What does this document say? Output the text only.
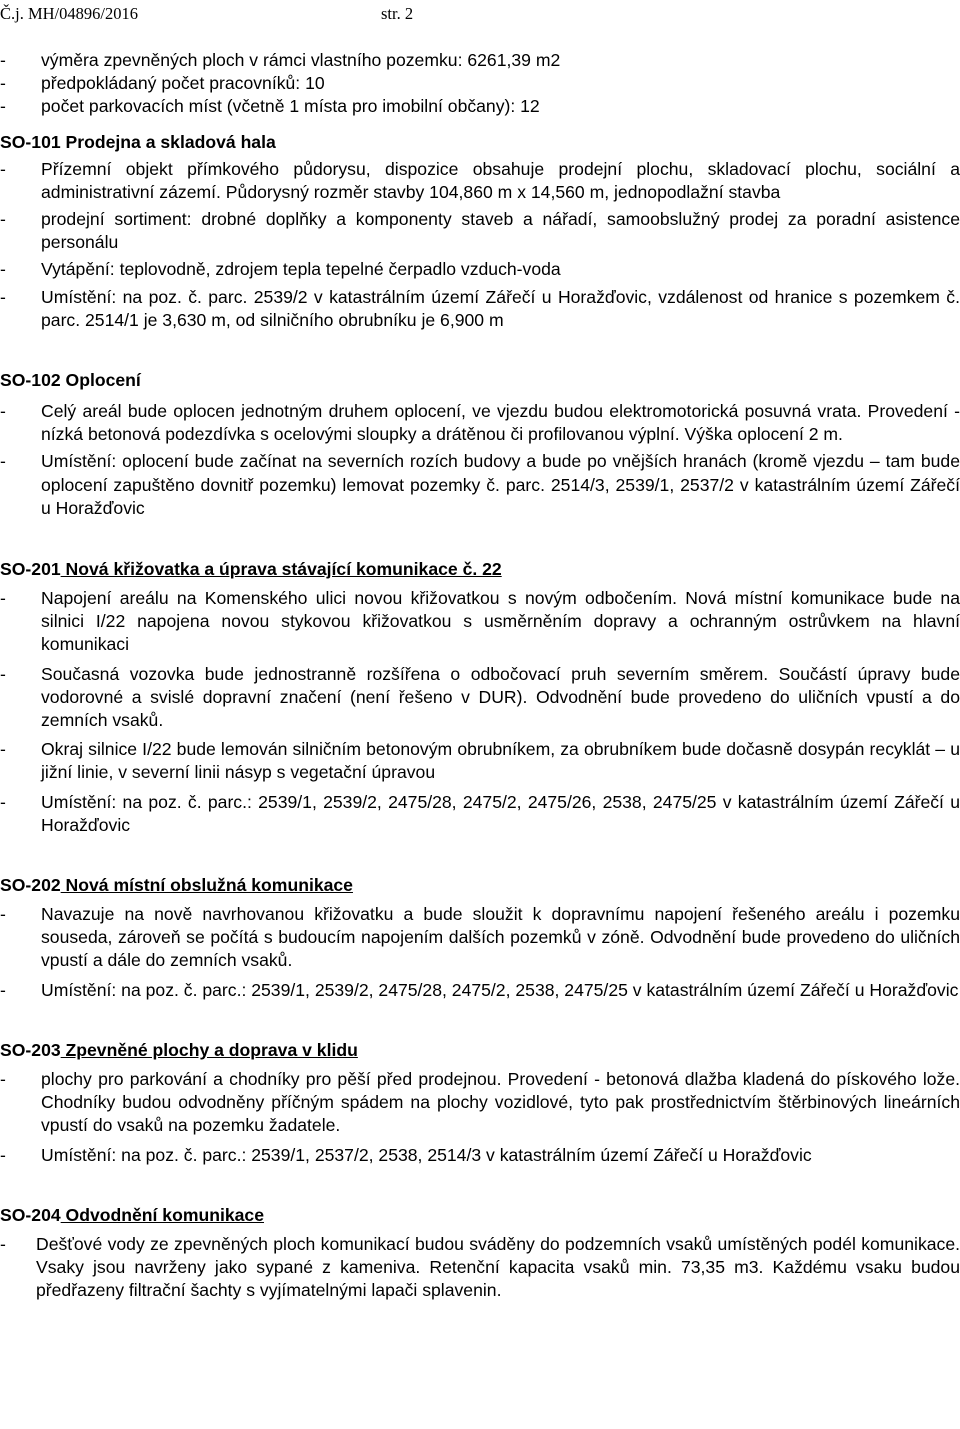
Č.j. MH/04896/2016	str. 2

- výměra zpevněných ploch v rámci vlastního pozemku: 6261,39 m2

- předpokládaný počet pracovníků: 10

- počet parkovacích míst (včetně 1 místa pro imobilní občany): 12

SO-101 Prodejna a skladová hala

- Přízemní objekt přímkového půdorysu, dispozice obsahuje prodejní plochu, skladovací plochu, sociální a administrativní zázemí. Půdorysný rozměr stavby 104,860 m x 14,560 m, jednopodlažní stavba

- prodejní sortiment: drobné doplňky a komponenty staveb a nářadí, samoobslužný prodej za poradní asistence personálu

- Vytápění: teplovodně, zdrojem tepla tepelné čerpadlo vzduch-voda

- Umístění: na poz. č. parc. 2539/2 v katastrálním území Zářečí u Horažďovic, vzdálenost od hranice s pozemkem č. parc. 2514/1 je 3,630 m, od silničního obrubníku je 6,900 m

SO-102 Oplocení

- Celý areál bude oplocen jednotným druhem oplocení, ve vjezdu budou elektromotorická posuvná vrata. Provedení - nízká betonová podezdívka s ocelovými sloupky a drátěnou či profilovanou výplní. Výška oplocení 2 m.

- Umístění: oplocení bude začínat na severních rozích budovy a bude po vnějších hranách (kromě vjezdu – tam bude oplocení zapuštěno dovnitř pozemku) lemovat pozemky č. parc. 2514/3, 2539/1, 2537/2 v katastrálním území Zářečí u Horažďovic

SO-201 Nová křižovatka a úprava stávající komunikace č. 22

- Napojení areálu na Komenského ulici novou křižovatkou s novým odbočením. Nová místní komunikace bude na silnici I/22 napojena novou stykovou křižovatkou s usměrněním dopravy a ochranným ostrůvkem na hlavní komunikaci

- Současná vozovka bude jednostranně rozšířena o odbočovací pruh severním směrem. Součástí úpravy bude vodorovné a svislé dopravní značení (není řešeno v DUR). Odvodnění bude provedeno do uličních vpustí a do zemních vsaků.

- Okraj silnice I/22 bude lemován silničním betonovým obrubníkem, za obrubníkem bude dočasně dosypán recyklát – u jižní linie, v severní linii násyp s vegetační úpravou

- Umístění: na poz. č. parc.: 2539/1, 2539/2, 2475/28, 2475/2, 2475/26, 2538, 2475/25 v katastrálním území Zářečí u Horažďovic

SO-202 Nová místní obslužná komunikace

- Navazuje na nově navrhovanou křižovatku a bude sloužit k dopravnímu napojení řešeného areálu i pozemku souseda, zároveň se počítá s budoucím napojením dalších pozemků v zóně. Odvodnění bude provedeno do uličních vpustí a dále do zemních vsaků.

- Umístění: na poz. č. parc.: 2539/1, 2539/2, 2475/28, 2475/2, 2538, 2475/25 v katastrálním území Zářečí u Horažďovic

SO-203 Zpevněné plochy a doprava v klidu

- plochy pro parkování a chodníky pro pěší před prodejnou. Provedení - betonová dlažba kladená do pískového lože. Chodníky budou odvodněny příčným spádem na plochy vozidlové, tyto pak prostřednictvím štěrbinových lineárních vpustí do vsaků na pozemku žadatele.

- Umístění: na poz. č. parc.: 2539/1, 2537/2, 2538, 2514/3 v katastrálním území Zářečí u Horažďovic

SO-204 Odvodnění komunikace

- Dešťové vody ze zpevněných ploch komunikací budou sváděny do podzemních vsaků umístěných podél komunikace. Vsaky jsou navrženy jako sypané z kameniva. Retenční kapacita vsaků min. 73,35 m3. Každému vsaku budou předřazeny filtrační šachty s vyjímatelnými lapači splavenin.
